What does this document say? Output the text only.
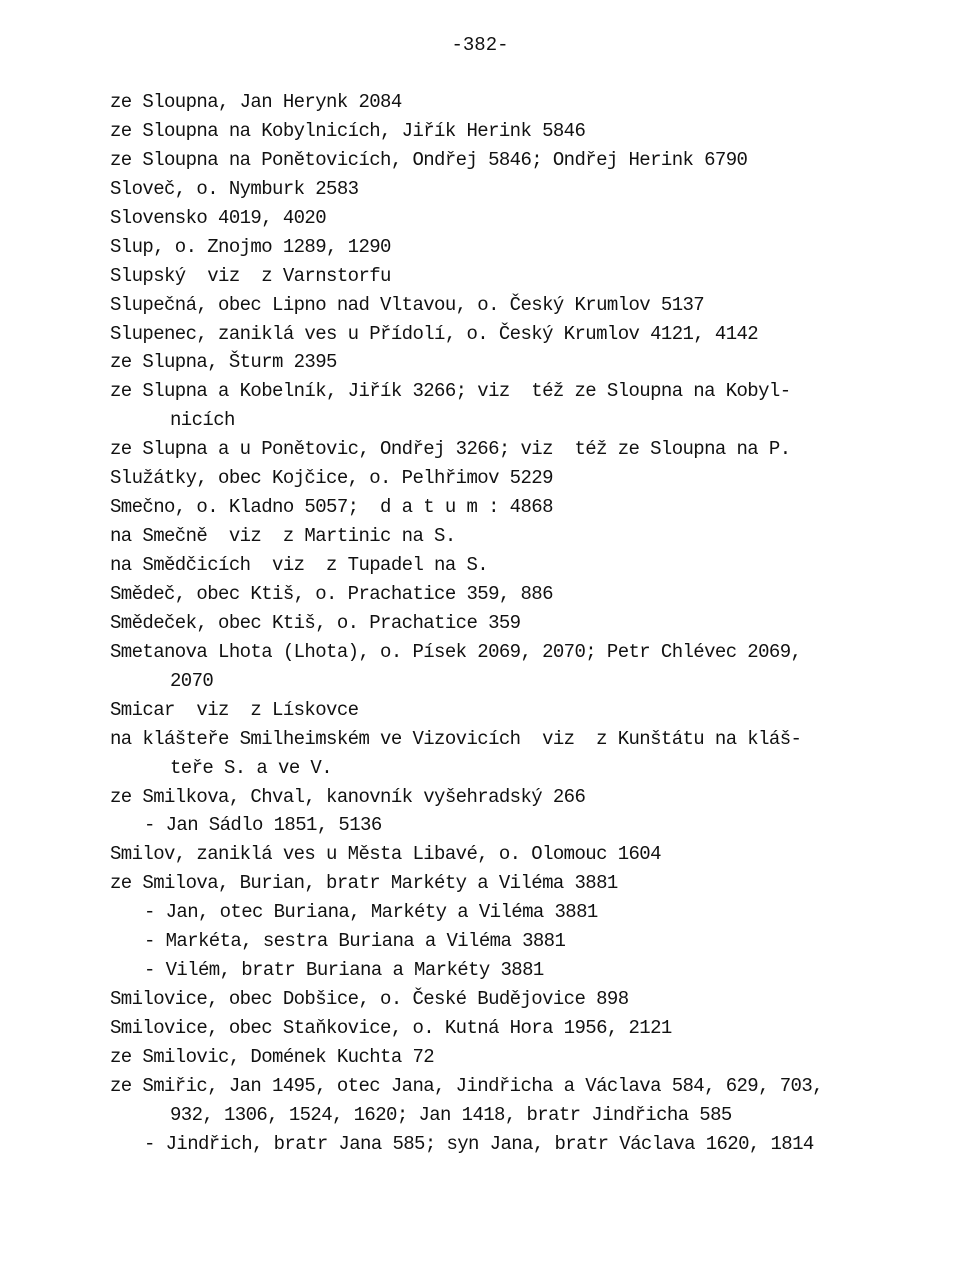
-382-
ze Sloupna, Jan Herynk 2084
ze Sloupna na Kobylnicích, Jiřík Herink 5846
ze Sloupna na Ponětovicích, Ondřej 5846; Ondřej Herink 6790
Sloveč, o. Nymburk 2583
Slovensko 4019, 4020
Slup, o. Znojmo 1289, 1290
Slupský  viz  z Varnstorfu
Slupečná, obec Lipno nad Vltavou, o. Český Krumlov 5137
Slupenec, zaniklá ves u Přídolí, o. Český Krumlov 4121, 4142
ze Slupna, Šturm 2395
ze Slupna a Kobelník, Jiřík 3266; viz  též ze Sloupna na Kobyl-
nicích
ze Slupna a u Ponětovic, Ondřej 3266; viz  též ze Sloupna na P.
Služátky, obec Kojčice, o. Pelhřimov 5229
Smečno, o. Kladno 5057;  d a t u m : 4868
na Smečně  viz  z Martinic na S.
na Smědčicích  viz  z Tupadel na S.
Smědeč, obec Ktiš, o. Prachatice 359, 886
Smědeček, obec Ktiš, o. Prachatice 359
Smetanova Lhota (Lhota), o. Písek 2069, 2070; Petr Chlévec 2069,
2070
Smicar  viz  z Lískovce
na klášteře Smilheimském ve Vizovicích  viz  z Kunštátu na kláš-
teře S. a ve V.
ze Smilkova, Chval, kanovník vyšehradský 266
- Jan Sádlo 1851, 5136
Smilov, zaniklá ves u Města Libavé, o. Olomouc 1604
ze Smilova, Burian, bratr Markéty a Viléma 3881
- Jan, otec Buriana, Markéty a Viléma 3881
- Markéta, sestra Buriana a Viléma 3881
- Vilém, bratr Buriana a Markéty 3881
Smilovice, obec Dobšice, o. České Budějovice 898
Smilovice, obec Staňkovice, o. Kutná Hora 1956, 2121
ze Smilovic, Domének Kuchta 72
ze Smiřic, Jan 1495, otec Jana, Jindřicha a Václava 584, 629, 703,
932, 1306, 1524, 1620; Jan 1418, bratr Jindřicha 585
- Jindřich, bratr Jana 585; syn Jana, bratr Václava 1620, 1814
